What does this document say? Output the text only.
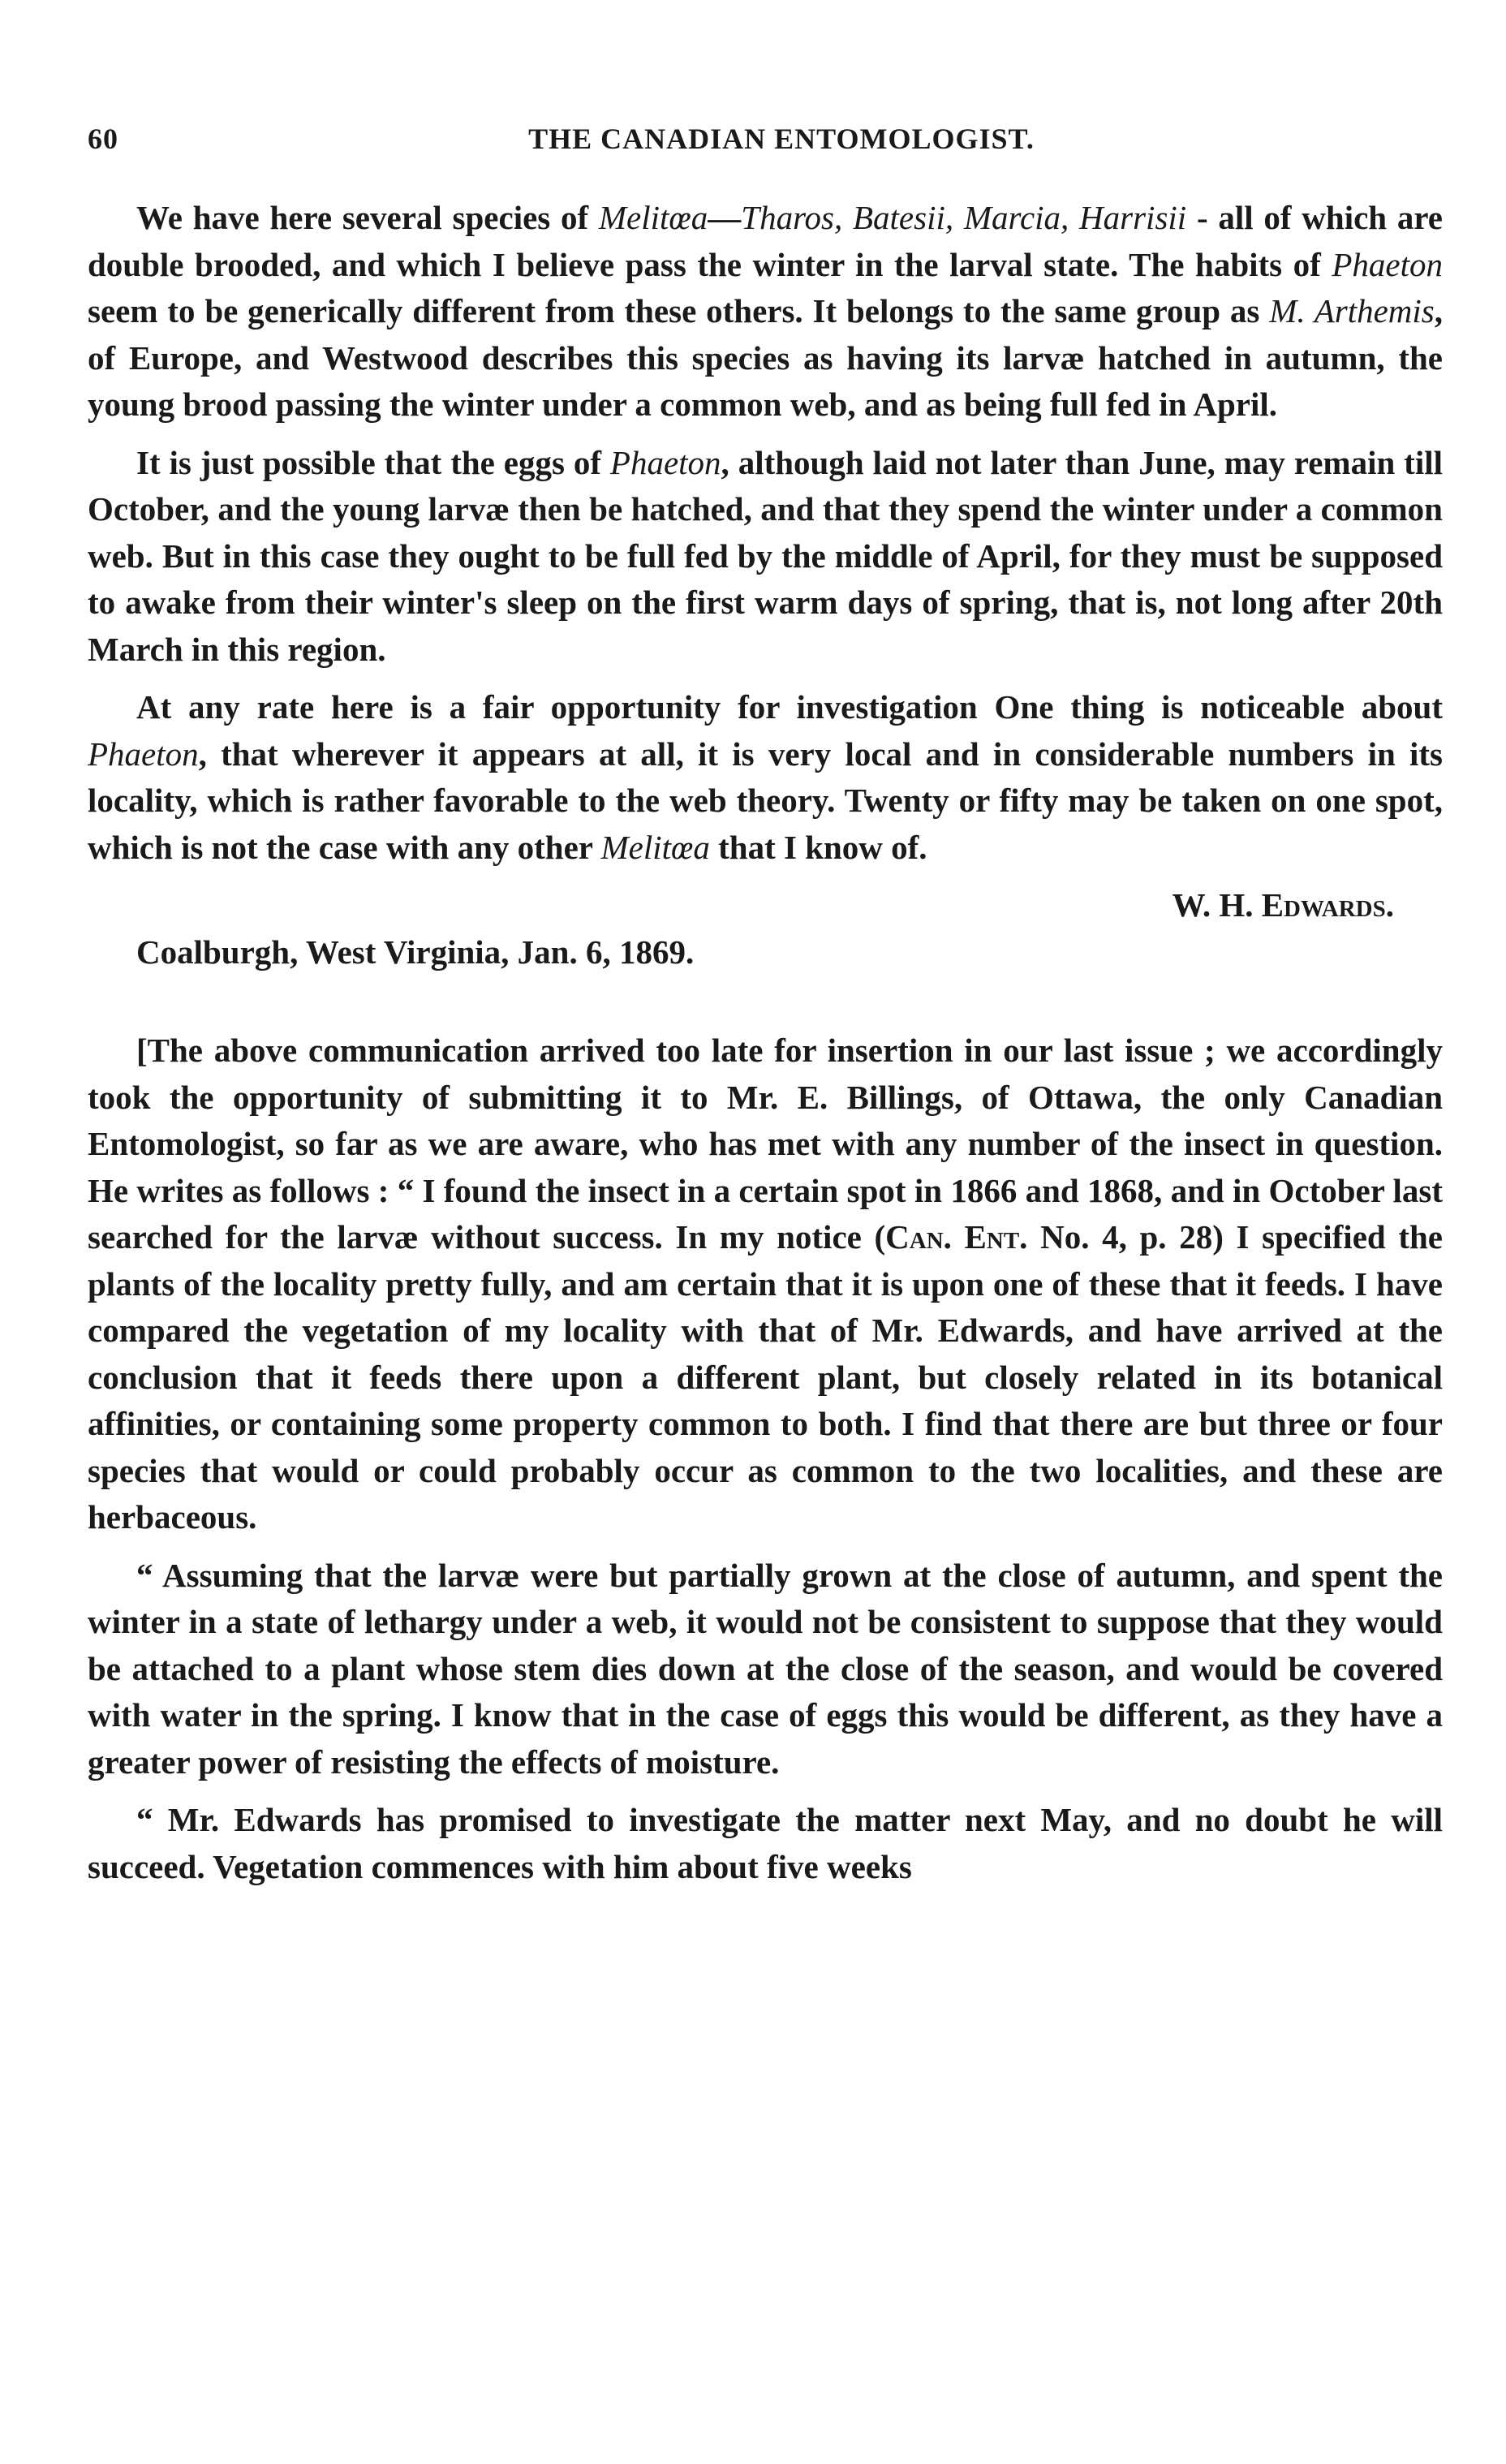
60	THE CANADIAN ENTOMOLOGIST.

We have here several species of Melitœa—Tharos, Batesii, Marcia, Harrisii - all of which are double brooded, and which I believe pass the winter in the larval state. The habits of Phaeton seem to be generically different from these others. It belongs to the same group as M. Arthemis, of Europe, and Westwood describes this species as having its larvæ hatched in autumn, the young brood passing the winter under a common web, and as being full fed in April.

It is just possible that the eggs of Phaeton, although laid not later than June, may remain till October, and the young larvæ then be hatched, and that they spend the winter under a common web. But in this case they ought to be full fed by the middle of April, for they must be supposed to awake from their winter's sleep on the first warm days of spring, that is, not long after 20th March in this region.

At any rate here is a fair opportunity for investigation One thing is noticeable about Phaeton, that wherever it appears at all, it is very local and in considerable numbers in its locality, which is rather favorable to the web theory. Twenty or fifty may be taken on one spot, which is not the case with any other Melitœa that I know of.

W. H. Edwards.
Coalburgh, West Virginia, Jan. 6, 1869.

[The above communication arrived too late for insertion in our last issue ; we accordingly took the opportunity of submitting it to Mr. E. Billings, of Ottawa, the only Canadian Entomologist, so far as we are aware, who has met with any number of the insect in question. He writes as follows : “ I found the insect in a certain spot in 1866 and 1868, and in October last searched for the larvæ without success. In my notice (Can. Ent. No. 4, p. 28) I specified the plants of the locality pretty fully, and am certain that it is upon one of these that it feeds. I have compared the vegetation of my locality with that of Mr. Edwards, and have arrived at the conclusion that it feeds there upon a different plant, but closely related in its botanical affinities, or containing some property common to both. I find that there are but three or four species that would or could probably occur as common to the two localities, and these are herbaceous.

“ Assuming that the larvæ were but partially grown at the close of autumn, and spent the winter in a state of lethargy under a web, it would not be consistent to suppose that they would be attached to a plant whose stem dies down at the close of the season, and would be covered with water in the spring. I know that in the case of eggs this would be different, as they have a greater power of resisting the effects of moisture.

“ Mr. Edwards has promised to investigate the matter next May, and no doubt he will succeed. Vegetation commences with him about five weeks
